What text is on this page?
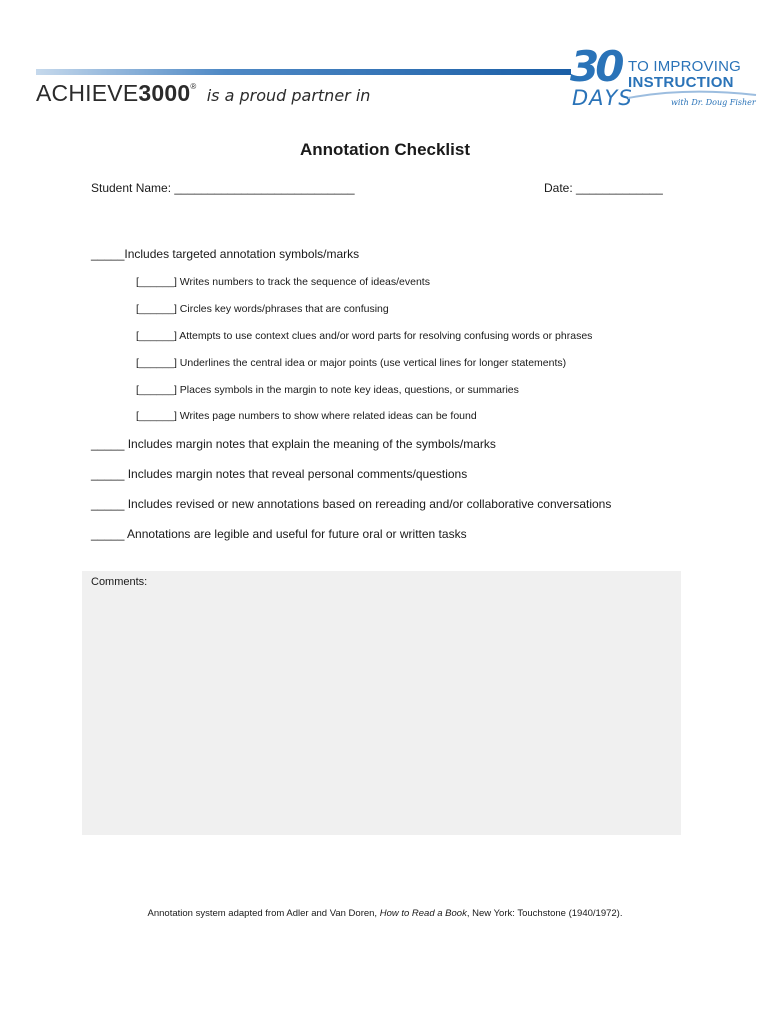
ACHIEVE3000® is a proud partner in
30
DAYS
TO IMPROVING
INSTRUCTION
with Dr. Doug Fisher
Annotation Checklist
Student Name: ___________________________	Date: _____________
_____Includes targeted annotation symbols/marks
[______] Writes numbers to track the sequence of ideas/events
[______] Circles key words/phrases that are confusing
[______] Attempts to use context clues and/or word parts for resolving confusing words or phrases
[______] Underlines the central idea or major points (use vertical lines for longer statements)
[______] Places symbols in the margin to note key ideas, questions, or summaries
[______] Writes page numbers to show where related ideas can be found
_____ Includes margin notes that explain the meaning of the symbols/marks
_____ Includes margin notes that reveal personal comments/questions
_____ Includes revised or new annotations based on rereading and/or collaborative conversations
_____ Annotations are legible and useful for future oral or written tasks
Comments:
Annotation system adapted from Adler and Van Doren, How to Read a Book, New York: Touchstone (1940/1972).
